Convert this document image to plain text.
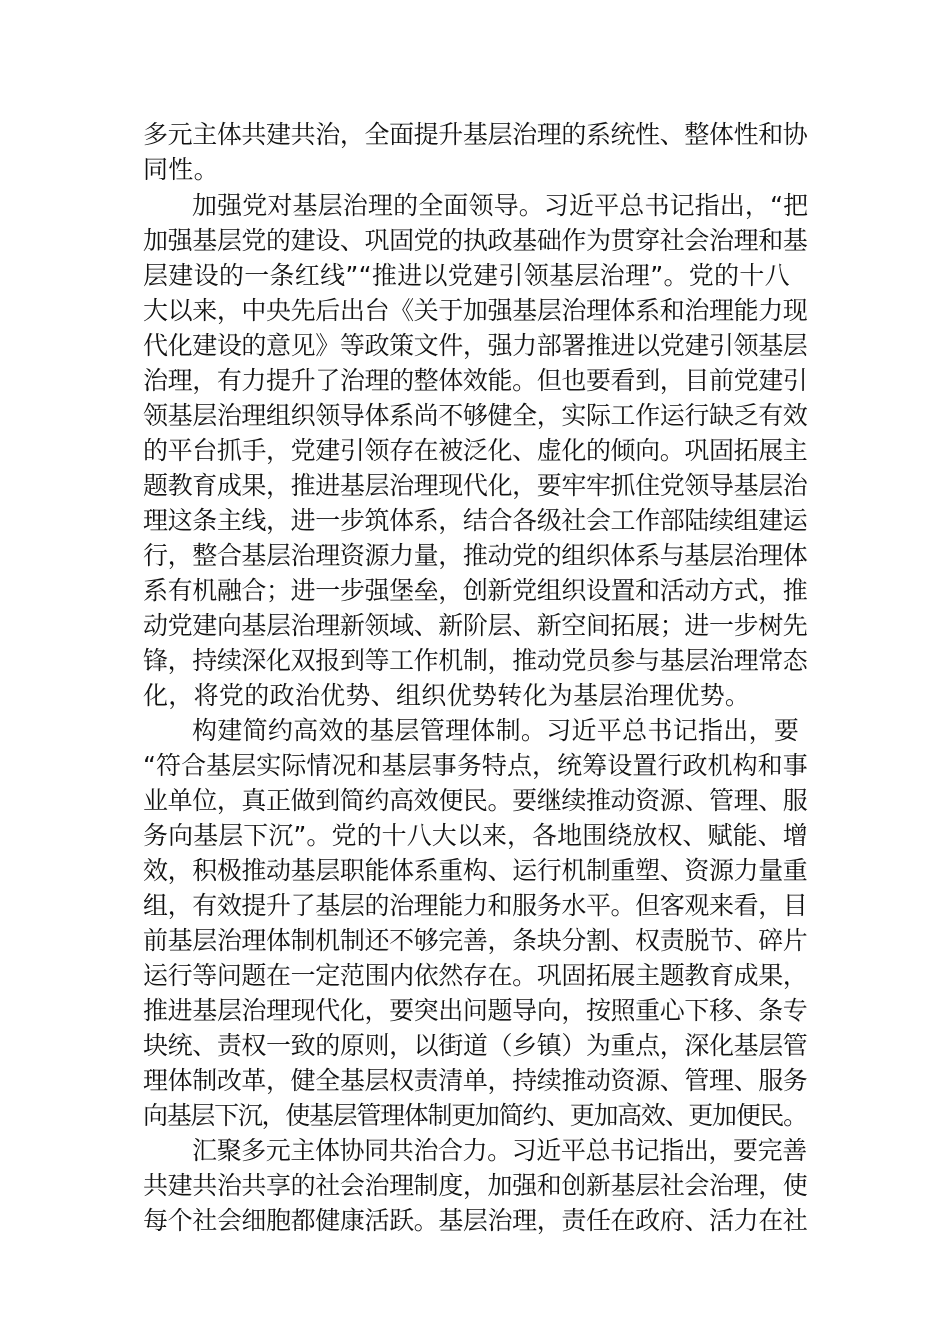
多元主体共建共治，全面提升基层治理的系统性、整体性和协
同性。
加强党对基层治理的全面领导。习近平总书记指出，“把
加强基层党的建设、巩固党的执政基础作为贯穿社会治理和基
层建设的一条红线”“推进以党建引领基层治理”。党的十八
大以来，中央先后出台《关于加强基层治理体系和治理能力现
代化建设的意见》等政策文件，强力部署推进以党建引领基层
治理，有力提升了治理的整体效能。但也要看到，目前党建引
领基层治理组织领导体系尚不够健全，实际工作运行缺乏有效
的平台抓手，党建引领存在被泛化、虚化的倾向。巩固拓展主
题教育成果，推进基层治理现代化，要牢牢抓住党领导基层治
理这条主线，进一步筑体系，结合各级社会工作部陆续组建运
行，整合基层治理资源力量，推动党的组织体系与基层治理体
系有机融合；进一步强堡垒，创新党组织设置和活动方式，推
动党建向基层治理新领域、新阶层、新空间拓展；进一步树先
锋，持续深化双报到等工作机制，推动党员参与基层治理常态
化，将党的政治优势、组织优势转化为基层治理优势。
构建简约高效的基层管理体制。习近平总书记指出，要
“符合基层实际情况和基层事务特点，统筹设置行政机构和事
业单位，真正做到简约高效便民。要继续推动资源、管理、服
务向基层下沉”。党的十八大以来，各地围绕放权、赋能、增
效，积极推动基层职能体系重构、运行机制重塑、资源力量重
组，有效提升了基层的治理能力和服务水平。但客观来看，目
前基层治理体制机制还不够完善，条块分割、权责脱节、碎片
运行等问题在一定范围内依然存在。巩固拓展主题教育成果，
推进基层治理现代化，要突出问题导向，按照重心下移、条专
块统、责权一致的原则，以街道（乡镇）为重点，深化基层管
理体制改革，健全基层权责清单，持续推动资源、管理、服务
向基层下沉，使基层管理体制更加简约、更加高效、更加便民。
汇聚多元主体协同共治合力。习近平总书记指出，要完善
共建共治共享的社会治理制度，加强和创新基层社会治理，使
每个社会细胞都健康活跃。基层治理，责任在政府、活力在社
